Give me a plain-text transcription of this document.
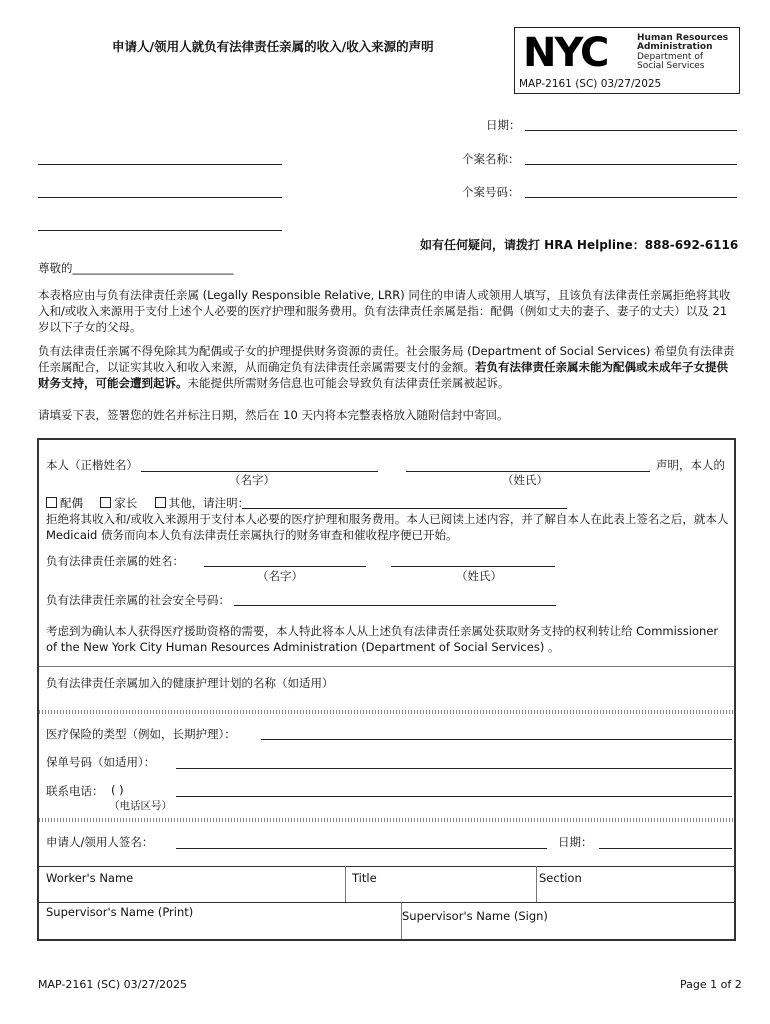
申请人/领用人就负有法律责任亲属的收入/收入来源的声明 NYC	Human Resources
Administration
Department of
Social Services
MAP-2161 (SC) 03/27/2025
日期：
个案名称：
个案号码：
如有任何疑问，请拨打 HRA Helpline：888-692-6116
尊敬的____________________________
本表格应由与负有法律责任亲属 (Legally Responsible Relative, LRR) 同住的申请人或领用人填写，且该负有法律责任亲属拒绝将其收入和/或收入来源用于支付上述个人必要的医疗护理和服务费用。负有法律责任亲属是指：配偶（例如丈夫的妻子、妻子的丈夫）以及 21 岁以下子女的父母。
负有法律责任亲属不得免除其为配偶或子女的护理提供财务资源的责任。社会服务局 (Department of Social Services) 希望负有法律责任亲属配合，以证实其收入和收入来源，从而确定负有法律责任亲属需要支付的金额。若负有法律责任亲属未能为配偶或未成年子女提供财务支持，可能会遭到起诉。未能提供所需财务信息也可能会导致负有法律责任亲属被起诉。
请填妥下表，签署您的姓名并标注日期，然后在 10 天内将本完整表格放入随附信封中寄回。
本人（正楷姓名）	声明，本人的
（名字）	（姓氏）
配偶	家长	其他，请注明：
拒绝将其收入和/或收入来源用于支付本人必要的医疗护理和服务费用。本人已阅读上述内容，并了解自本人在此表上签名之后，就本人 Medicaid 债务而向本人负有法律责任亲属执行的财务审查和催收程序便已开始。
负有法律责任亲属的姓名：
（名字）	（姓氏）
负有法律责任亲属的社会安全号码：
考虑到为确认本人获得医疗援助资格的需要，本人特此将本人从上述负有法律责任亲属处获取财务支持的权利转让给 Commissioner of the New York City Human Resources Administration (Department of Social Services) 。
负有法律责任亲属加入的健康护理计划的名称（如适用）
医疗保险的类型（例如，长期护理）：
保单号码（如适用）：
联系电话： ( )
（电话区号）
申请人/领用人签名：	日期：
Worker's Name	Title	Section
Supervisor's Name (Print)	Supervisor's Name (Sign)
MAP-2161 (SC) 03/27/2025	Page 1 of 2
